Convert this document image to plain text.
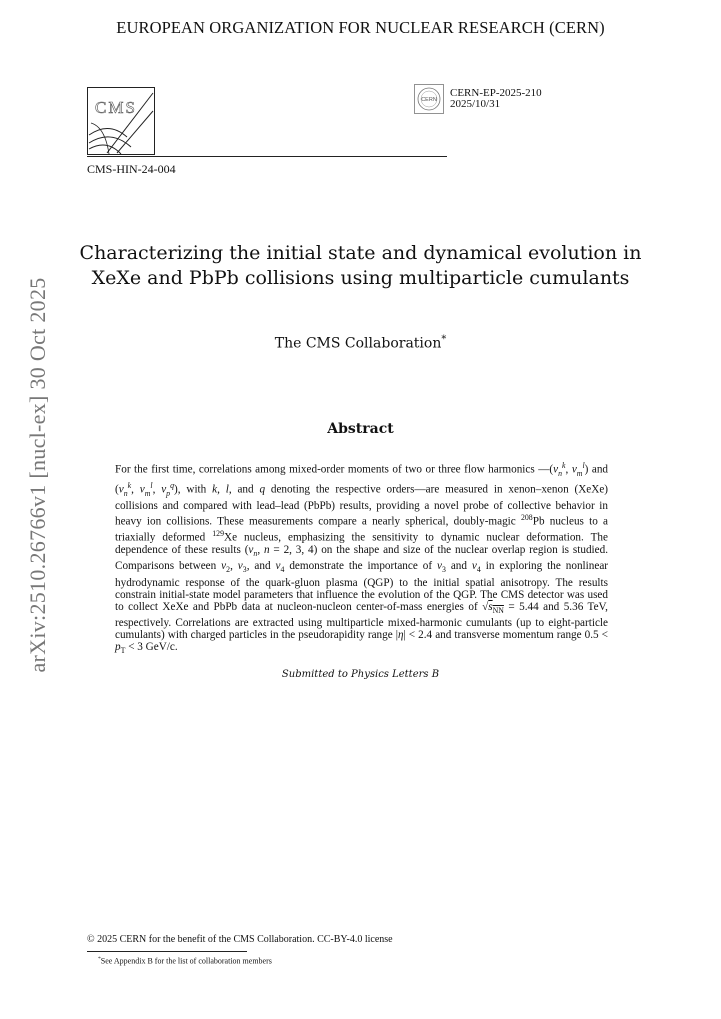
EUROPEAN ORGANIZATION FOR NUCLEAR RESEARCH (CERN)
CMS
CMS-HIN-24-004
CERN
CERN-EP-2025-210
2025/10/31
Characterizing the initial state and dynamical evolution in
XeXe and PbPb collisions using multiparticle cumulants
The CMS Collaboration*
Abstract

For the first time, correlations among mixed-order moments of two or three flow harmonics $—(v_n^k$, $v_m^l$) and ($v_n^k$, $v_m^l$, $v_p^q$), with k, l, and q denoting the respective orders—are measured in xenon–xenon (XeXe) collisions and compared with lead–lead (PbPb) results, providing a novel probe of collective behavior in heavy ion collisions. These measurements compare a nearly spherical, doubly-magic $^{208}$Pb nucleus to a triaxially deformed $^{129}$Xe nucleus, emphasizing the sensitivity to dynamic nuclear deformation. The dependence of these results ($v_n$, n = 2, 3, 4) on the shape and size of the nuclear overlap region is studied. Comparisons between $v_2$, $v_3$, and $v_4$ demonstrate the importance of $v_3$ and $v_4$ in exploring the nonlinear hydrodynamic response of the quark-gluon plasma (QGP) to the initial spatial anisotropy. The results constrain initial-state model parameters that influence the evolution of the QGP. The CMS detector was used to collect XeXe and PbPb data at nucleon-nucleon center-of-mass energies of $√s_{NN} = 5.44$ and 5.36 TeV, respectively. Correlations are extracted using multiparticle mixed-harmonic cumulants (up to eight-particle cumulants) with charged particles in the pseudorapidity range |η| < 2.4 and transverse momentum range $0.5 < p_T < 3$ GeV/c.

Submitted to Physics Letters B
arXiv:2510.26766v1 [nucl-ex] 30 Oct 2025
© 2025 CERN for the benefit of the CMS Collaboration. CC-BY-4.0 license
*See Appendix B for the list of collaboration members
